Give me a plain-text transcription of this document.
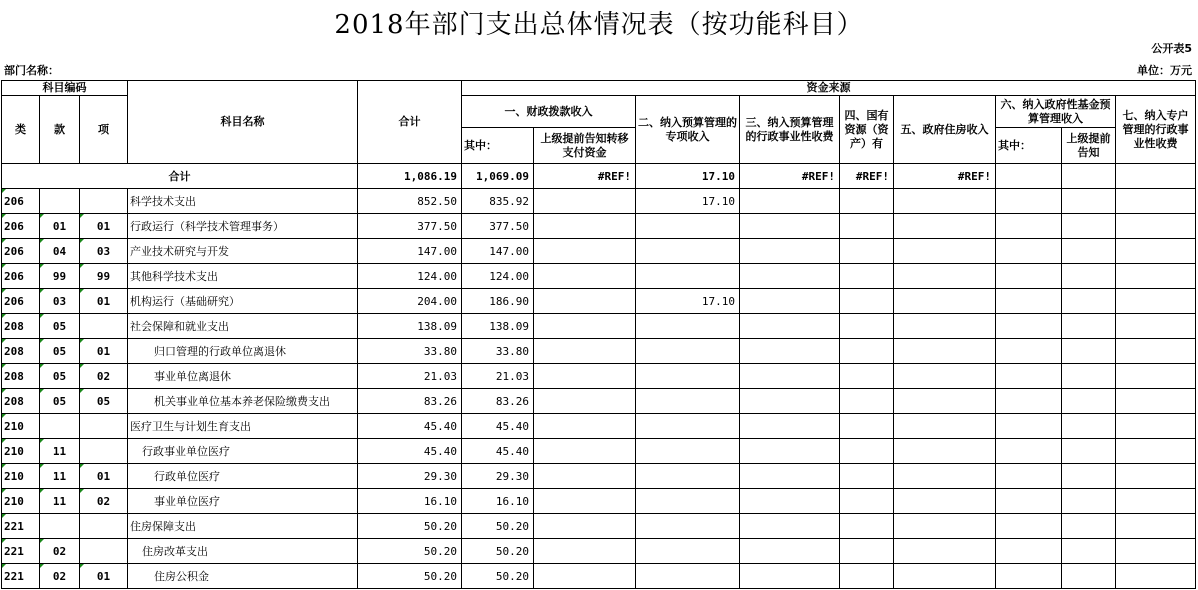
2018年部门支出总体情况表（按功能科目）
公开表5
部门名称：	单位：万元
科目编码			科目名称	合计	资金来源								
类	款	项			一、财政拨款收入		二、纳入预算管理的专项收入	三、纳入预算管理的行政事业性收费	四、国有资源（资产）有	五、政府住房收入	六、纳入政府性基金预算管理收入		七、纳入专户管理的行政事业性收费
					其中：	上级提前告知转移支付资金					其中：	上级提前告知	
合计				1,086.19	1,069.09	#REF!	17.10	#REF!	#REF!	#REF!			
206			科学技术支出	852.50	835.92		17.10						
206	01	01	行政运行（科学技术管理事务）	377.50	377.50								
206	04	03	产业技术研究与开发	147.00	147.00								
206	99	99	其他科学技术支出	124.00	124.00								
206	03	01	机构运行（基础研究）	204.00	186.90		17.10						
208	05		社会保障和就业支出	138.09	138.09								
208	05	01	归口管理的行政单位离退休	33.80	33.80								
208	05	02	事业单位离退休	21.03	21.03								
208	05	05	机关事业单位基本养老保险缴费支出	83.26	83.26								
210			医疗卫生与计划生育支出	45.40	45.40								
210	11		行政事业单位医疗	45.40	45.40								
210	11	01	行政单位医疗	29.30	29.30								
210	11	02	事业单位医疗	16.10	16.10								
221			住房保障支出	50.20	50.20								
221	02		住房改革支出	50.20	50.20								
221	02	01	住房公积金	50.20	50.20								
